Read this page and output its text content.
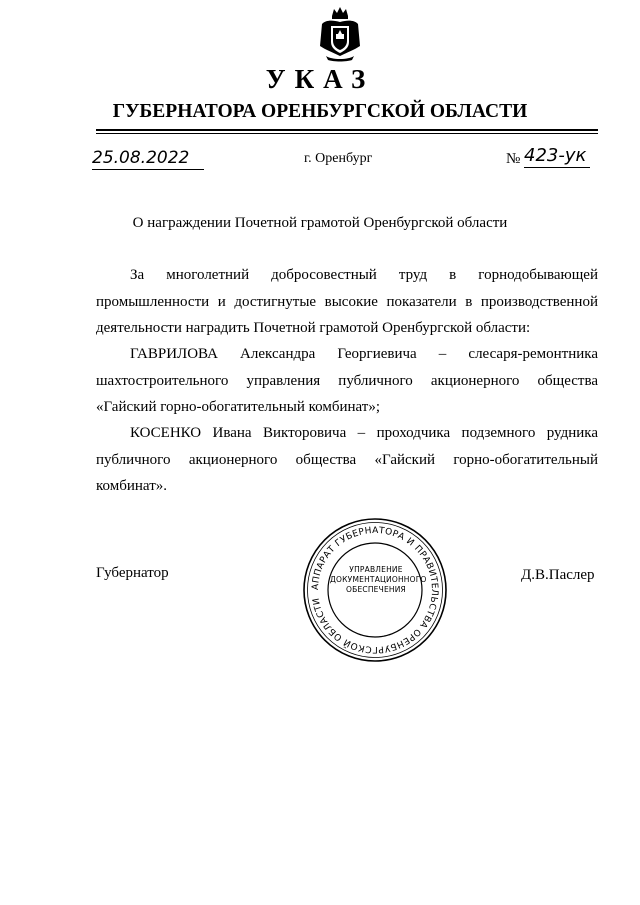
УКАЗ
ГУБЕРНАТОРА ОРЕНБУРГСКОЙ ОБЛАСТИ
25.08.2022	г. Оренбург	№ 423-ук
О награждении Почетной грамотой Оренбургской области
За многолетний добросовестный труд в горнодобывающей промышленности и достигнутые высокие показатели в производственной деятельности наградить Почетной грамотой Оренбургской области:
ГАВРИЛОВА Александра Георгиевича – слесаря-ремонтника шахтостроительного управления публичного акционерного общества «Гайский горно-обогатительный комбинат»;
КОСЕНКО Ивана Викторовича – проходчика подземного рудника публичного акционерного общества «Гайский горно-обогатительный комбинат».
Губернатор	Д.В.Паслер
АППАРАТ ГУБЕРНАТОРА И ПРАВИТЕЛЬСТВА ОРЕНБУРГСКОЙ ОБЛАСТИ
УПРАВЛЕНИЕ
ДОКУМЕНТАЦИОННОГО
ОБЕСПЕЧЕНИЯ
